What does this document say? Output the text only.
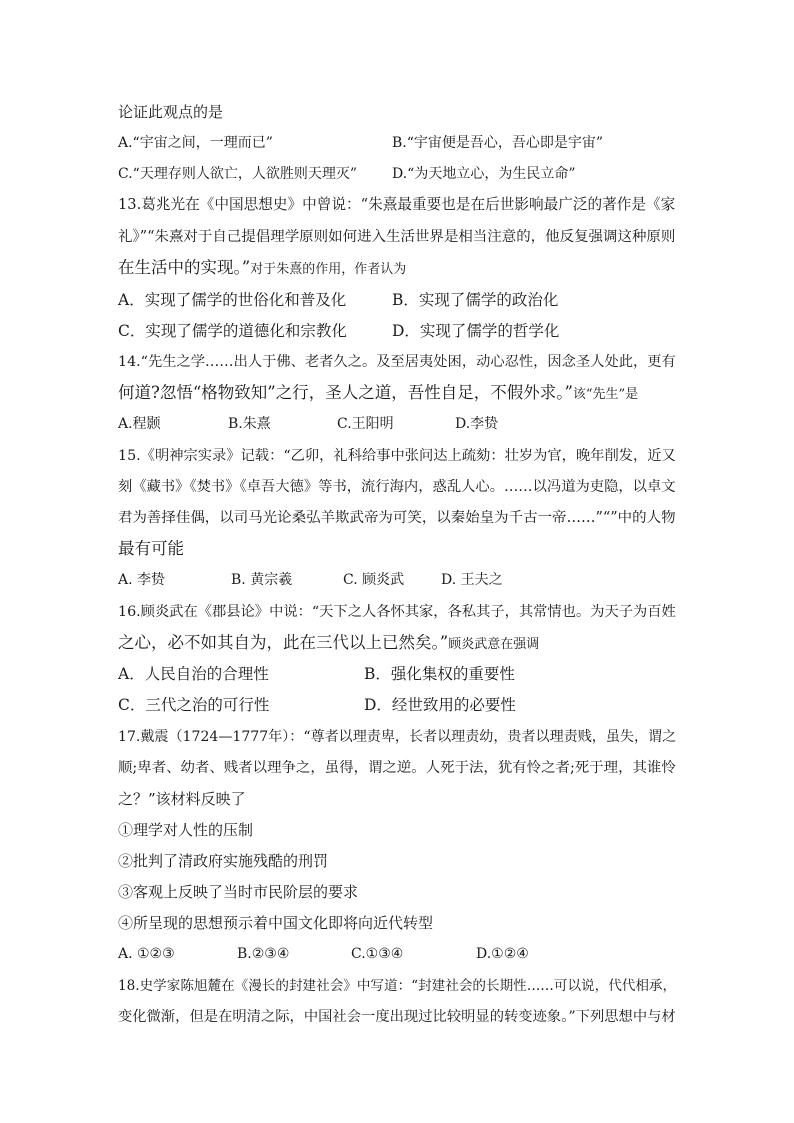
论证此观点的是
A.“宇宙之间，一理而已”	B.“宇宙便是吾心，吾心即是宇宙”
C.“天理存则人欲亡，人欲胜则天理灭”	D.“为天地立心，为生民立命”
13.葛兆光在《中国思想史》中曾说：“朱熹最重要也是在后世影响最广泛的著作是《家
礼》”“朱熹对于自己提倡理学原则如何进入生活世界是相当注意的，他反复强调这种原则
在生活中的实现。”对于朱熹的作用，作者认为
A．实现了儒学的世俗化和普及化	B．实现了儒学的政治化
C．实现了儒学的道德化和宗教化	D．实现了儒学的哲学化
14.“先生之学……出人于佛、老者久之。及至居夷处困，动心忍性，因念圣人处此，更有
何道?忽悟“格物致知”之行，圣人之道，吾性自足，不假外求。”该“先生”是
A.程颢	B.朱熹	C.王阳明	D.李贽
15.《明神宗实录》记载：“乙卯，礼科给事中张问达上疏劾：壮岁为官，晚年削发，近又
刻《藏书》《焚书》《卓吾大德》等书，流行海内，惑乱人心。……以冯道为吏隐，以卓文
君为善择佳偶，以司马光论桑弘羊欺武帝为可笑，以秦始皇为千古一帝……”“”中的人物
最有可能
A. 李贽	B. 黄宗羲	C. 顾炎武	D. 王夫之
16.顾炎武在《郡县论》中说：“天下之人各怀其家，各私其子，其常情也。为天子为百姓
之心，必不如其自为，此在三代以上已然矣。”顾炎武意在强调
A．人民自治的合理性	B．强化集权的重要性
C．三代之治的可行性	D．经世致用的必要性
17.戴震（1724—1777年）：“尊者以理责卑，长者以理责幼，贵者以理责贱，虽失，谓之
顺;卑者、幼者、贱者以理争之，虽得，谓之逆。人死于法，犹有怜之者;死于理，其谁怜
之？”该材料反映了
①理学对人性的压制
②批判了清政府实施残酷的刑罚
③客观上反映了当时市民阶层的要求
④所呈现的思想预示着中国文化即将向近代转型
A. ①②③	B.②③④	C.①③④	D.①②④
18.史学家陈旭麓在《漫长的封建社会》中写道：“封建社会的长期性……可以说，代代相承，
变化微渐，但是在明清之际，中国社会一度出现过比较明显的转变迹象。”下列思想中与材
